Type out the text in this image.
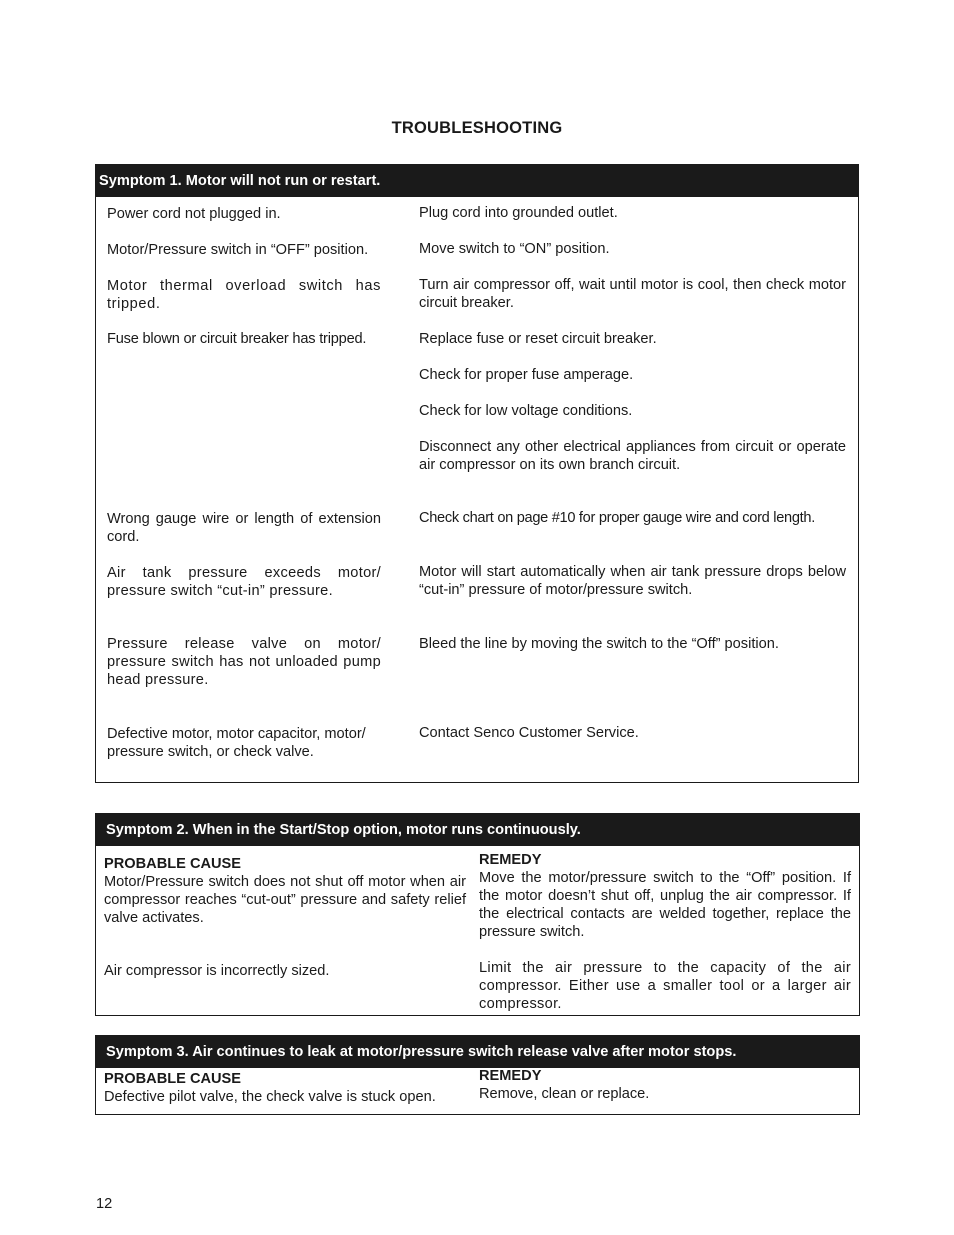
TROUBLESHOOTING
Symptom 1. Motor will not run or restart.
Power cord not plugged in.
Motor/Pressure switch in “OFF” position.
Motor thermal overload switch has tripped.
Fuse blown or circuit breaker has tripped.
Wrong gauge wire or length of extension cord.
Air tank pressure exceeds motor/ pressure switch “cut-in” pressure.
Pressure release valve on motor/ pressure switch has not unloaded pump head pressure.
Defective motor, motor capacitor, motor/ pressure switch, or check valve.
Plug cord into grounded outlet.
Move switch to “ON” position.
Turn air compressor off, wait until motor is cool, then check motor circuit breaker.
Replace fuse or reset circuit breaker.
Check for proper fuse amperage.
Check for low voltage conditions.
Disconnect any other electrical appliances from circuit or operate air compressor on its own branch circuit.
Check chart on page #10 for proper gauge wire and cord length.
Motor will start automatically when air tank pressure drops below “cut-in” pressure of motor/pressure switch.
Bleed the line by moving the switch to the “Off” position.
Contact Senco Customer Service.
Symptom 2. When in the Start/Stop option, motor runs continuously.
PROBABLE CAUSE
Motor/Pressure switch does not shut off motor when air compressor reaches “cut-out” pressure and safety relief valve activates.
Air compressor is incorrectly sized.
REMEDY
Move the motor/pressure switch to the “Off” position. If the motor doesn’t shut off, unplug the air compressor. If the electrical contacts are welded together, replace the pressure switch.
Limit the air pressure to the capacity of the air compressor. Either use a smaller tool or a larger air compressor.
Symptom 3. Air continues to leak at motor/pressure switch release valve after motor stops.
PROBABLE CAUSE
Defective pilot valve, the check valve is stuck open.
REMEDY
Remove, clean or replace.
12
